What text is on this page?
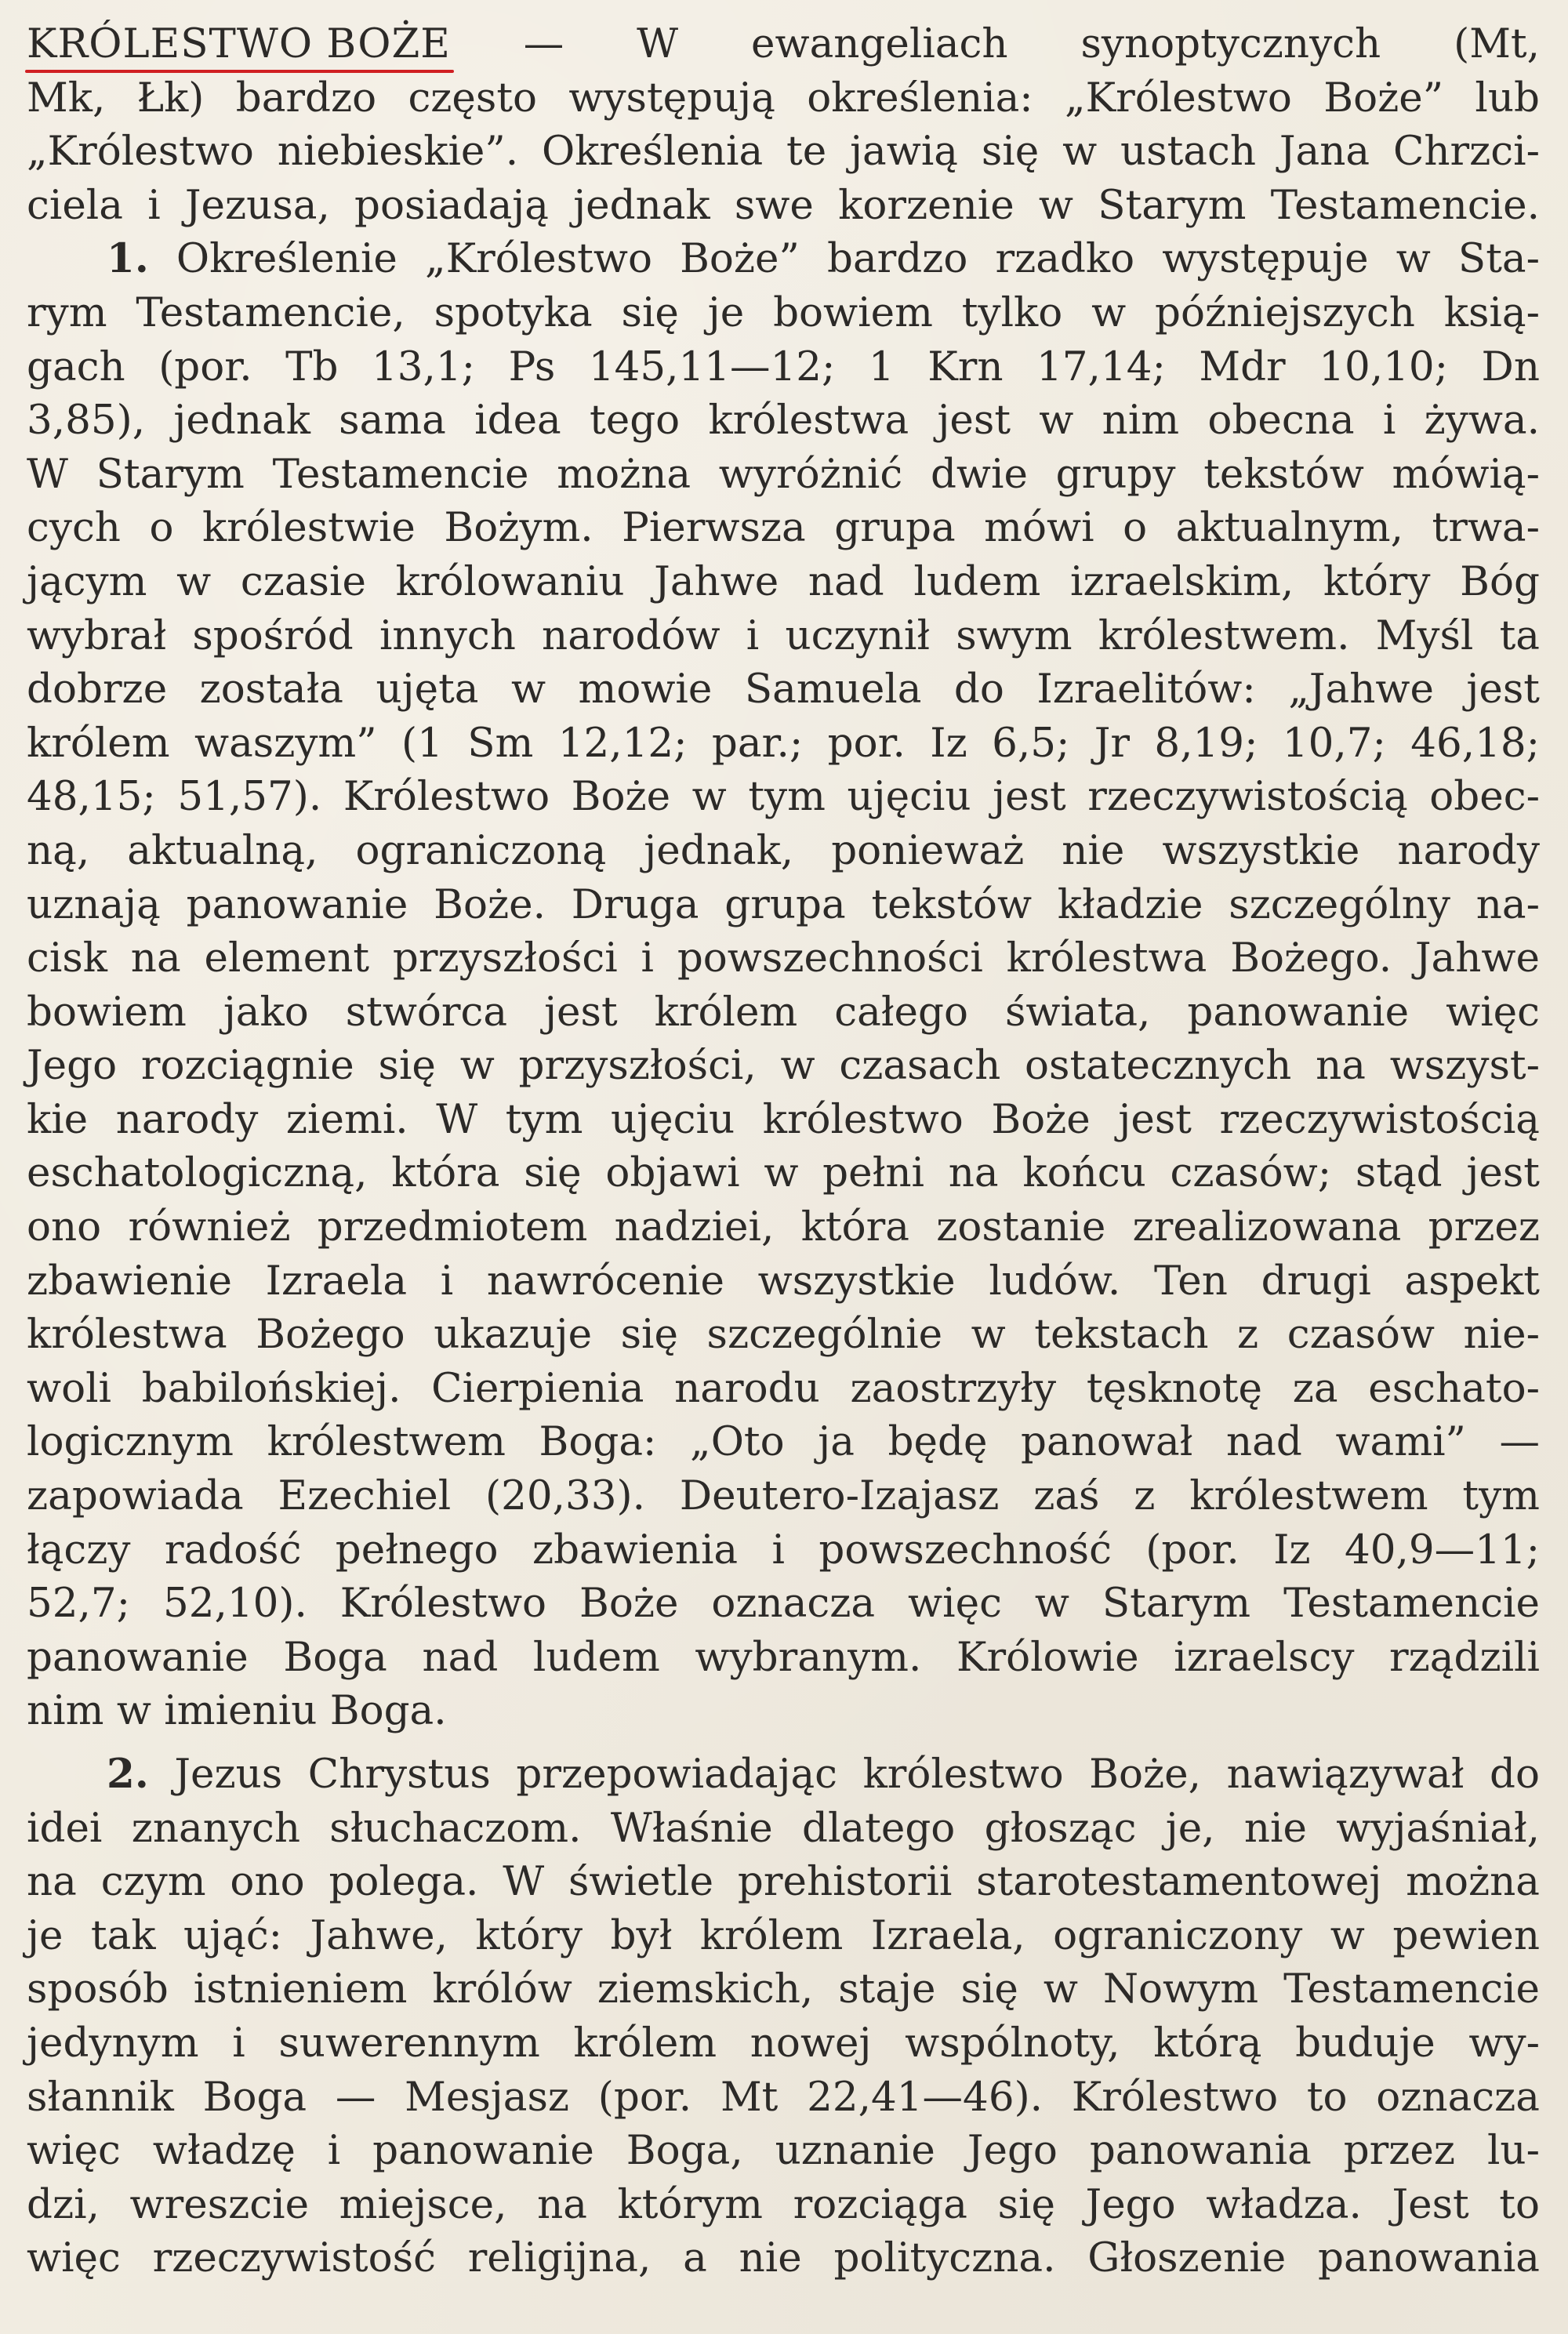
KRÓLESTWO BOŻE — W ewangeliach synoptycznych (Mt,
Mk, Łk) bardzo często występują określenia: „Królestwo Boże” lub
„Królestwo niebieskie”. Określenia te jawią się w ustach Jana Chrzci-
ciela i Jezusa, posiadają jednak swe korzenie w Starym Testamencie.
1. Określenie „Królestwo Boże” bardzo rzadko występuje w Sta-
rym Testamencie, spotyka się je bowiem tylko w późniejszych ksią-
gach (por. Tb 13,1; Ps 145,11—12; 1 Krn 17,14; Mdr 10,10; Dn
3,85), jednak sama idea tego królestwa jest w nim obecna i żywa.
W Starym Testamencie można wyróżnić dwie grupy tekstów mówią-
cych o królestwie Bożym. Pierwsza grupa mówi o aktualnym, trwa-
jącym w czasie królowaniu Jahwe nad ludem izraelskim, który Bóg
wybrał spośród innych narodów i uczynił swym królestwem. Myśl ta
dobrze została ujęta w mowie Samuela do Izraelitów: „Jahwe jest
królem waszym” (1 Sm 12,12; par.; por. Iz 6,5; Jr 8,19; 10,7; 46,18;
48,15; 51,57). Królestwo Boże w tym ujęciu jest rzeczywistością obec-
ną, aktualną, ograniczoną jednak, ponieważ nie wszystkie narody
uznają panowanie Boże. Druga grupa tekstów kładzie szczególny na-
cisk na element przyszłości i powszechności królestwa Bożego. Jahwe
bowiem jako stwórca jest królem całego świata, panowanie więc
Jego rozciągnie się w przyszłości, w czasach ostatecznych na wszyst-
kie narody ziemi. W tym ujęciu królestwo Boże jest rzeczywistością
eschatologiczną, która się objawi w pełni na końcu czasów; stąd jest
ono również przedmiotem nadziei, która zostanie zrealizowana przez
zbawienie Izraela i nawrócenie wszystkie ludów. Ten drugi aspekt
królestwa Bożego ukazuje się szczególnie w tekstach z czasów nie-
woli babilońskiej. Cierpienia narodu zaostrzyły tęsknotę za eschato-
logicznym królestwem Boga: „Oto ja będę panował nad wami” —
zapowiada Ezechiel (20,33). Deutero-Izajasz zaś z królestwem tym
łączy radość pełnego zbawienia i powszechność (por. Iz 40,9—11;
52,7; 52,10). Królestwo Boże oznacza więc w Starym Testamencie
panowanie Boga nad ludem wybranym. Królowie izraelscy rządzili
nim w imieniu Boga.
2. Jezus Chrystus przepowiadając królestwo Boże, nawiązywał do
idei znanych słuchaczom. Właśnie dlatego głosząc je, nie wyjaśniał,
na czym ono polega. W świetle prehistorii starotestamentowej można
je tak ująć: Jahwe, który był królem Izraela, ograniczony w pewien
sposób istnieniem królów ziemskich, staje się w Nowym Testamencie
jedynym i suwerennym królem nowej wspólnoty, którą buduje wy-
słannik Boga — Mesjasz (por. Mt 22,41—46). Królestwo to oznacza
więc władzę i panowanie Boga, uznanie Jego panowania przez lu-
dzi, wreszcie miejsce, na którym rozciąga się Jego władza. Jest to
więc rzeczywistość religijna, a nie polityczna. Głoszenie panowania
